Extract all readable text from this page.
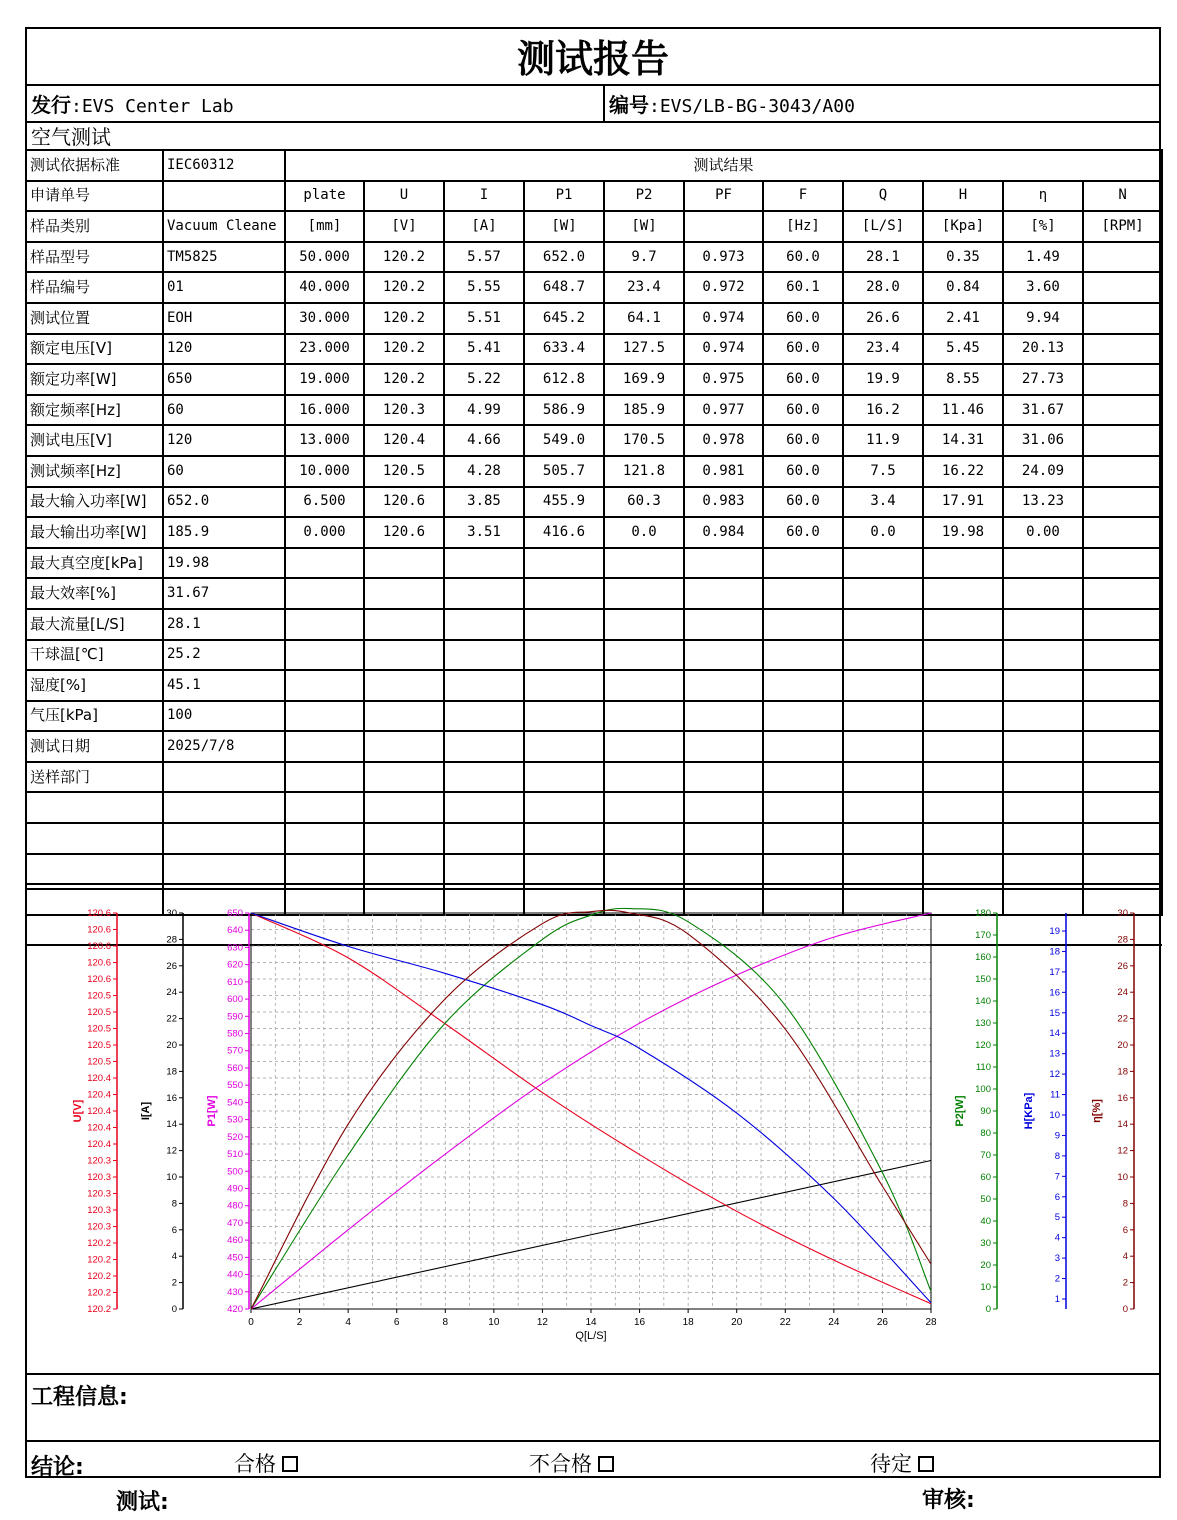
测试报告
发行:EVS Center Lab	编号:EVS/LB-BG-3043/A00
空气测试
测试依据标准	IEC60312	测试结果										
申请单号		plate	U	I	P1	P2	PF	F	Q	H	η	N
样品类别	Vacuum Cleane	[mm]	[V]	[A]	[W]	[W]		[Hz]	[L/S]	[Kpa]	[%]	[RPM]
样品型号	TM5825	50.000	120.2	5.57	652.0	9.7	0.973	60.0	28.1	0.35	1.49	
样品编号	01	40.000	120.2	5.55	648.7	23.4	0.972	60.1	28.0	0.84	3.60	
测试位置	EOH	30.000	120.2	5.51	645.2	64.1	0.974	60.0	26.6	2.41	9.94	
额定电压[V]	120	23.000	120.2	5.41	633.4	127.5	0.974	60.0	23.4	5.45	20.13	
额定功率[W]	650	19.000	120.2	5.22	612.8	169.9	0.975	60.0	19.9	8.55	27.73	
额定频率[Hz]	60	16.000	120.3	4.99	586.9	185.9	0.977	60.0	16.2	11.46	31.67	
测试电压[V]	120	13.000	120.4	4.66	549.0	170.5	0.978	60.0	11.9	14.31	31.06	
测试频率[Hz]	60	10.000	120.5	4.28	505.7	121.8	0.981	60.0	7.5	16.22	24.09	
最大输入功率[W]	652.0	6.500	120.6	3.85	455.9	60.3	0.983	60.0	3.4	17.91	13.23	
最大输出功率[W]	185.9	0.000	120.6	3.51	416.6	0.0	0.984	60.0	0.0	19.98	0.00	
最大真空度[kPa]	19.98											
最大效率[%]	31.67											
最大流量[L/S]	28.1											
干球温[℃]	25.2											
湿度[%]	45.1											
气压[kPa]	100											
测试日期	2025/7/8											
送样部门												

0	2	4	6	8	10	12	14	16	18	20	22	24	26	28
Q[L/S]
120.2
120.2
120.2
120.2
120.2
120.3
120.3
120.3
120.3
120.3
120.4
120.4
120.4
120.4
120.4
120.5
120.5
120.5
120.5
120.5
120.6
120.6
120.6
120.6
120.6
U[V]
0
2
4
6
8
10
12
14
16
18
20
22
24
26
28
30
I[A]
420
430
440
450
460
470
480
490
500
510
520
530
540
550
560
570
580
590
600
610
620
630
640
650
P1[W]
0
10
20
30
40
50
60
70
80
90
100
110
120
130
140
150
160
170
180
P2[W]
1
2
3
4
5
6
7
8
9
10
11
12
13
14
15
16
17
18
19
H[KPa]
0
2
4
6
8
10
12
14
16
18
20
22
24
26
28
30
η[%]
工程信息:
结论:	合格	不合格	待定
测试:	审核:
